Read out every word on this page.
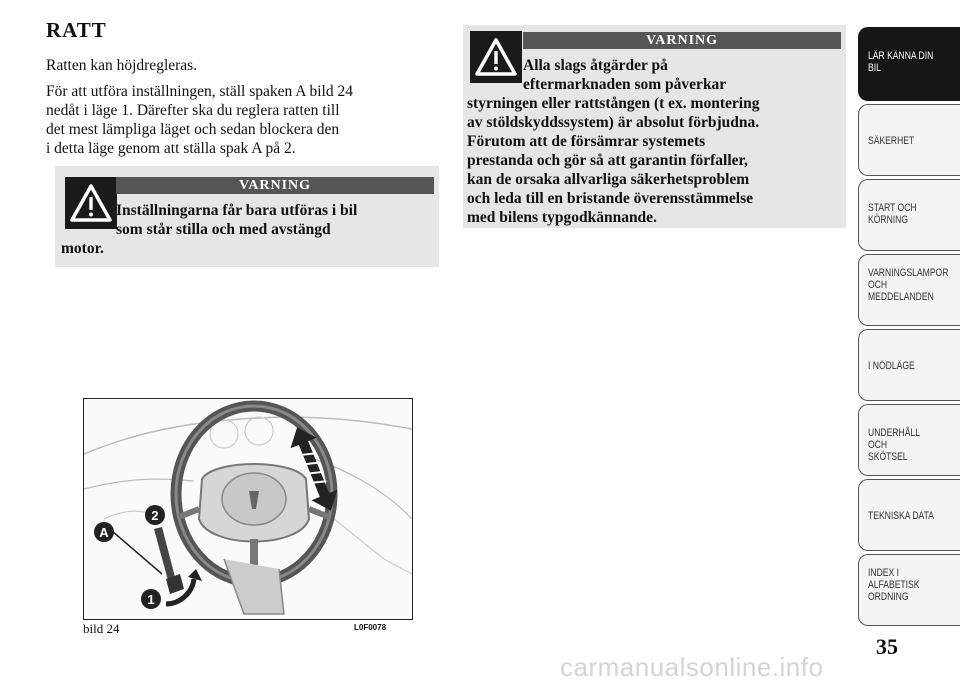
RATT
Ratten kan höjdregleras.
För att utföra inställningen, ställ spaken A bild 24
nedåt i läge 1. Därefter ska du reglera ratten till
det mest lämpliga läget och sedan blockera den
i detta läge genom att ställa spak A på 2.
VARNING
Inställningarna får bara utföras i bil
som står stilla och med avstängd
motor.
VARNING
Alla slags åtgärder på
eftermarknaden som påverkar
styrningen eller rattstången (t ex. montering
av stöldskyddssystem) är absolut förbjudna.
Förutom att de försämrar systemets
prestanda och gör så att garantin förfaller,
kan de orsaka allvarliga säkerhetsproblem
och leda till en bristande överensstämmelse
med bilens typgodkännande.
A
2
1
bild 24	L0F0078
LÄR KÄNNA DIN
BIL
SÄKERHET
START OCH
KÖRNING
VARNINGSLAMPOR
OCH
MEDDELANDEN
I NÖDLÄGE
UNDERHÅLL OCH
SKÖTSEL
TEKNISKA DATA
INDEX I
ALFABETISK
ORDNING
35
carmanualsonline.info
